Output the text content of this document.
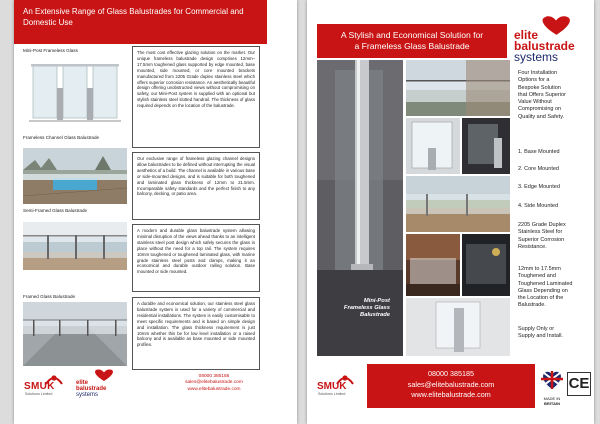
An Extensive Range of Glass Balustrades for Commercial and
Domestic Use
Mini-Post Frameless Glass	The most cost effective glazing solution on the market. Our unique frameless balustrade design comprises 12mm–17.5mm toughened glass supported by edge mounted, base mounted, side mounted, or core mounted brackets manufactured from 2205 Grade duplex stainless steel which offers superior corrosion resistance. An aesthetically beautiful design offering unobstructed views without compromising on safety, our Mini-Post system is supplied with an optional but stylish stainless steel slotted handrail. The thickness of glass required depends on the location of the balustrade.
Frameless Channel Glass Balustrade
Our exclusive range of frameless glazing channel designs allow balustrades to be defined without interrupting the visual aesthetics of a build. The channel is available in various base or side-mounted designs, and is suitable for both toughened and laminated glass thickness of 12mm to 21.5mm. Incomparable safety standards and the perfect finish to any balcony, decking, or patio area.
Semi-Framed Glass Balustrade
A modern and durable glass balustrade system allowing minimal disruption of the views ahead thanks to an intelligent stainless steel post design which safely secures the glass in place without the need for a top rail. The system requires 10mm toughened or toughened laminated glass, with marine grade stainless steel posts and clamps, making it an economical and durable outdoor railing solution. Base mounted or side mounted.
Framed Glass Balustrade
A durable and economical solution, our stainless steel glass balustrade system is used for a variety of commercial and residential installations. The system is easily customisable to meet specific requirements and is based on simple design and installation. The glass thickness requirement is just 10mm whether this be for low level installation or a raised balcony and is available as base mounted or side mounted profiles.
SMUK
Solutions Limited
elite
balustrade
systems
08000 385185
sales@elitebalustrade.com
www.elitebalustrade.com
A Stylish and Economical Solution for
a Frameless Glass Balustrade
elite
balustrade
systems
Mini-Post
Frameless Glass
Balustrade
Four Installation
Options for a
Bespoke Solution
that Offers Superior
Value Without
Compromising on
Quality and Safety.
1. Base Mounted
2. Core Mounted
3. Edge Mounted
4. Side Mounted
2205 Grade Duplex
Stainless Steel for
Superior Corrosion
Resistance.
12mm to 17.5mm
Toughened and
Toughened Laminated
Glass Depending on
the Location of the
Balustrade.
Supply Only or
Supply and Install.
SMUK
Solutions Limited
08000 385185
sales@elitebalustrade.com
www.elitebalustrade.com	MADE IN
BRITAIN
CE
